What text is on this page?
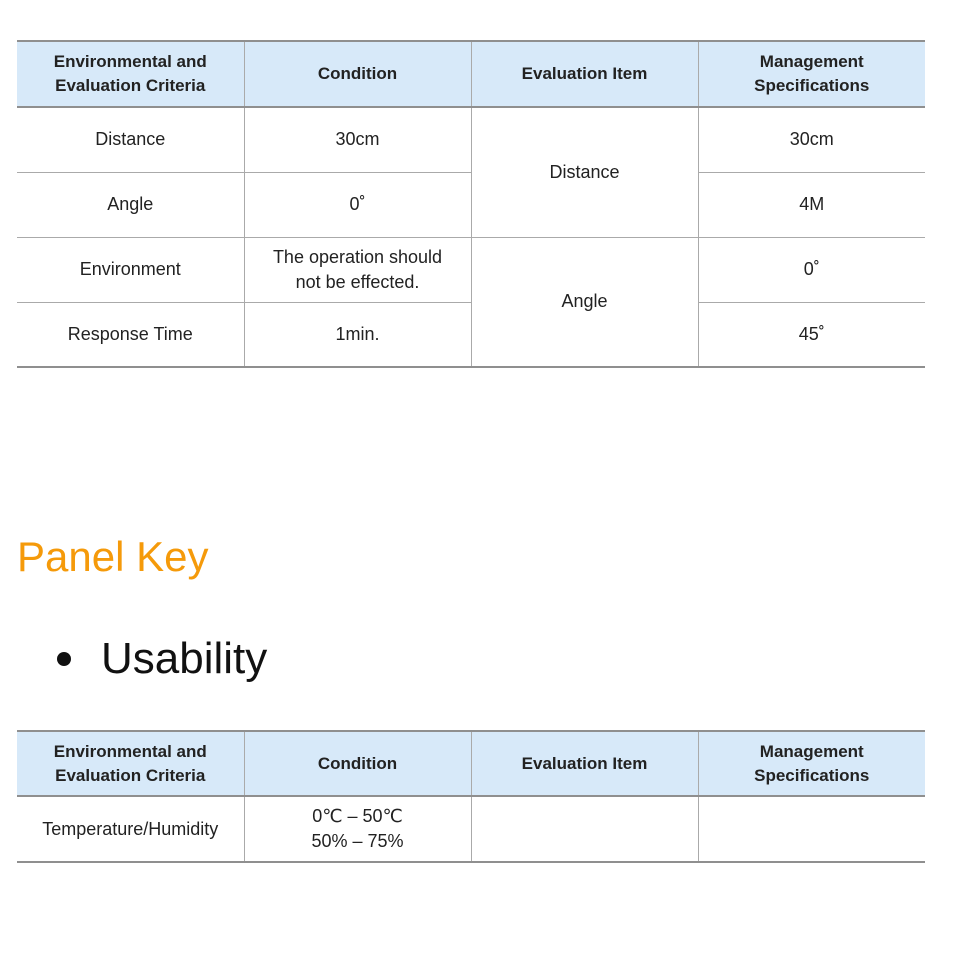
Environmental and
Evaluation Criteria	Condition	Evaluation Item	Management
Specifications
Distance	30cm	Distance	30cm
Angle	0˚		4M
Environment	The operation should
not be effected.	Angle	0˚
Response Time	1min.		45˚
Panel Key
Usability
Environmental and
Evaluation Criteria	Condition	Evaluation Item	Management
Specifications
Temperature/Humidity	0℃ – 50℃
50% – 75%		
